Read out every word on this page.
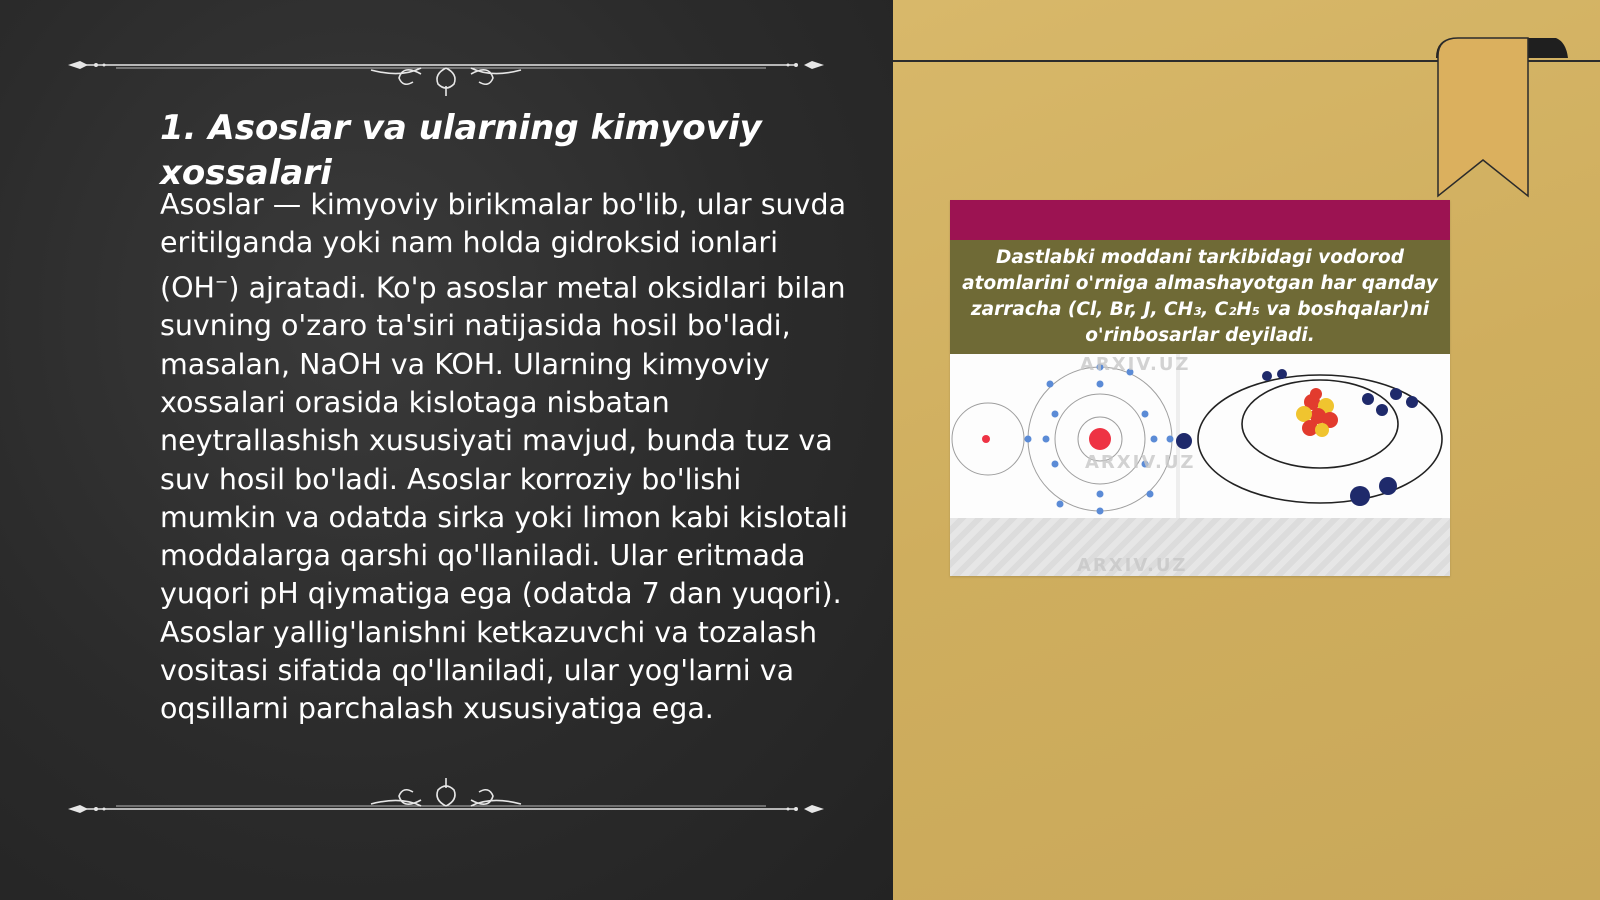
1. Asoslar va ularning kimyoviy xossalari

Asoslar — kimyoviy birikmalar bo'lib, ular suvda eritilganda yoki nam holda gidroksid ionlari (OH−) ajratadi. Ko'p asoslar metal oksidlari bilan suvning o'zaro ta'siri natijasida hosil bo'ladi, masalan, NaOH va KOH. Ularning kimyoviy xossalari orasida kislotaga nisbatan neytrallashish xususiyati mavjud, bunda tuz va suv hosil bo'ladi. Asoslar korroziy bo'lishi mumkin va odatda sirka yoki limon kabi kislotali moddalarga qarshi qo'llaniladi. Ular eritmada yuqori pH qiymatiga ega (odatda 7 dan yuqori). Asoslar yallig'lanishni ketkazuvchi va tozalash vositasi sifatida qo'llaniladi, ular yog'larni va oqsillarni parchalash xususiyatiga ega.

Dastlabki moddani tarkibidagi vodorod atomlarini o'rniga almashayotgan har qanday zarracha (Cl, Br, J, CH₃, C₂H₅ va boshqalar)ni o'rinbosarlar deyiladi.
ARXIV.UZ
ARXIV.UZ
ARXIV.UZ
